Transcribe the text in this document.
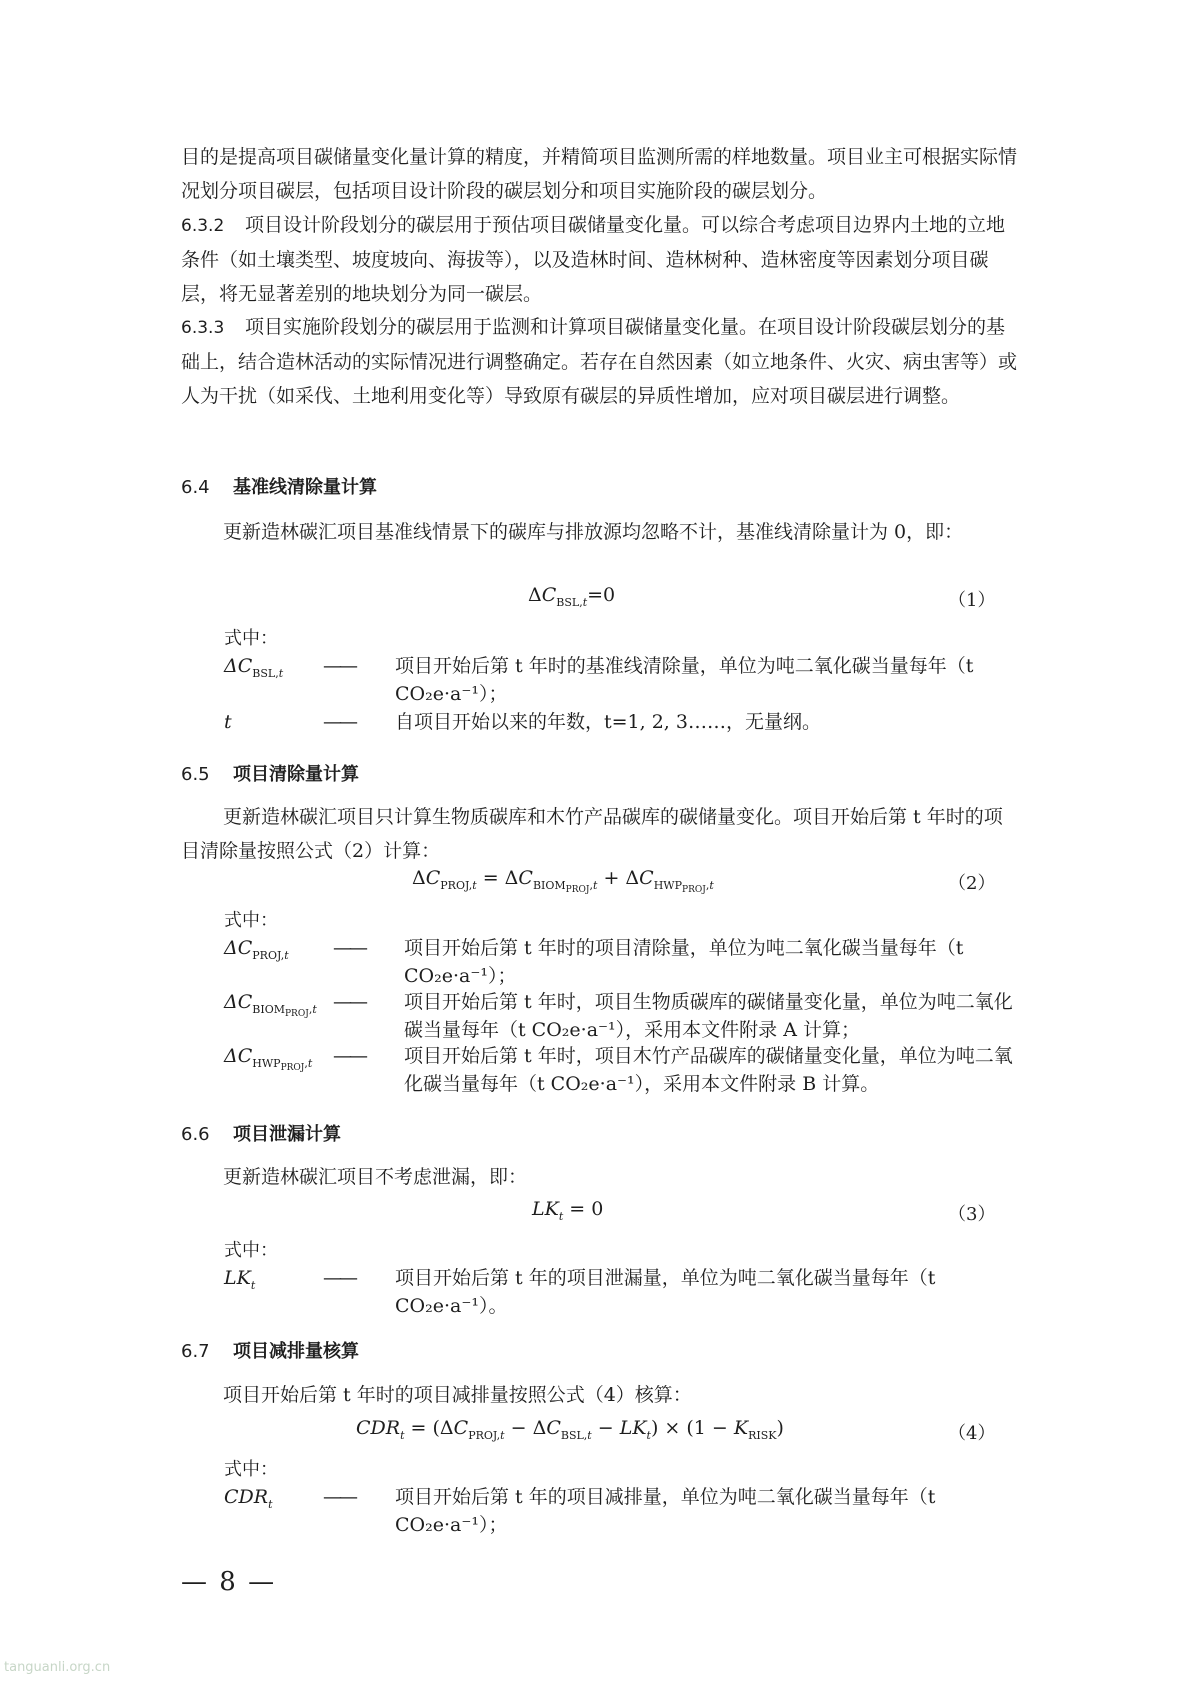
目的是提高项目碳储量变化量计算的精度，并精简项目监测所需的样地数量。项目业主可根据实际情况划分项目碳层，包括项目设计阶段的碳层划分和项目实施阶段的碳层划分。

6.3.2 项目设计阶段划分的碳层用于预估项目碳储量变化量。可以综合考虑项目边界内土地的立地条件（如土壤类型、坡度坡向、海拔等），以及造林时间、造林树种、造林密度等因素划分项目碳层，将无显著差别的地块划分为同一碳层。

6.3.3 项目实施阶段划分的碳层用于监测和计算项目碳储量变化量。在项目设计阶段碳层划分的基础上，结合造林活动的实际情况进行调整确定。若存在自然因素（如立地条件、火灾、病虫害等）或人为干扰（如采伐、土地利用变化等）导致原有碳层的异质性增加，应对项目碳层进行调整。

6.4 基准线清除量计算

更新造林碳汇项目基准线情景下的碳库与排放源均忽略不计，基准线清除量计为 0，即：

$\Delta C_{BSL,t}=0$	（1）
式中：
$\Delta C_{BSL,t}$ —— 项目开始后第 t 年时的基准线清除量，单位为吨二氧化碳当量每年（t CO₂e·a⁻¹）；
t	—— 自项目开始以来的年数，t=1, 2, 3……，无量纲。
6.5 项目清除量计算

更新造林碳汇项目只计算生物质碳库和木竹产品碳库的碳储量变化。项目开始后第 t 年时的项目清除量按照公式（2）计算：

$\Delta C_{PROJ,t} = \Delta C_{BIOM_{PROJ},t} + \Delta C_{HWP_{PROJ},t}$	（2）
式中：
$\Delta C_{PROJ,t}$ —— 项目开始后第 t 年时的项目清除量，单位为吨二氧化碳当量每年（t CO₂e·a⁻¹）；
$\Delta C_{BIOM_{PROJ},t}$ —— 项目开始后第 t 年时，项目生物质碳库的碳储量变化量，单位为吨二氧化碳当量每年（t CO₂e·a⁻¹），采用本文件附录 A 计算；
$\Delta C_{HWP_{PROJ},t}$ —— 项目开始后第 t 年时，项目木竹产品碳库的碳储量变化量，单位为吨二氧化碳当量每年（t CO₂e·a⁻¹），采用本文件附录 B 计算。
6.6 项目泄漏计算

更新造林碳汇项目不考虑泄漏，即：

$LK_t = 0$	（3）
式中：
$LK_t$	—— 项目开始后第 t 年的项目泄漏量，单位为吨二氧化碳当量每年（t CO₂e·a⁻¹）。
6.7 项目减排量核算

项目开始后第 t 年时的项目减排量按照公式（4）核算：

$CDR_t = (\Delta C_{PROJ,t} - \Delta C_{BSL,t} - LK_t) \times (1 - K_{RISK})$	（4）
式中：
$CDR_t$	—— 项目开始后第 t 年的项目减排量，单位为吨二氧化碳当量每年（t CO₂e·a⁻¹）；
— 8 —
tanguanli.org.cn
